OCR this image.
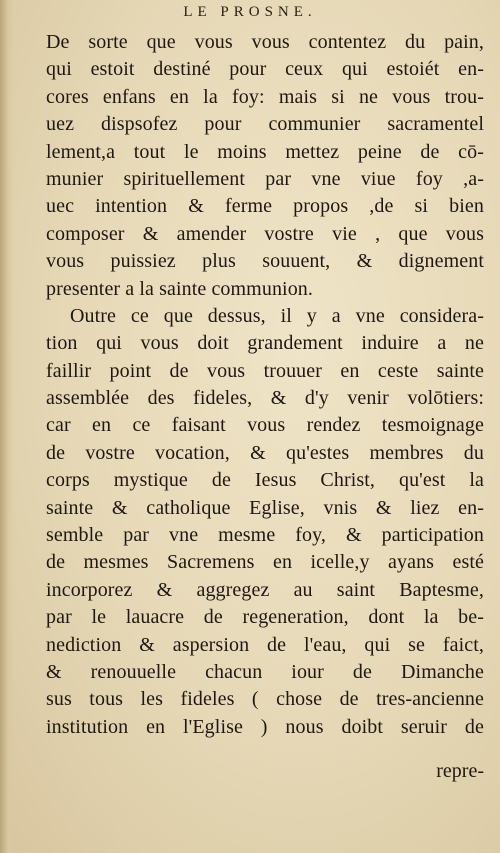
LE PROSNE.
De sorte que vous vous contentez du pain,
qui estoit destiné pour ceux qui estoiét en-
cores enfans en la foy: mais si ne vous trou-
uez dispsofez pour communier sacramentel
lement,a tout le moins mettez peine de cō-
munier spirituellement par vne viue foy ,a-
uec intention & ferme propos ,de si bien
composer & amender vostre vie , que vous
vous puissiez plus souuent, & dignement
presenter a la sainte communion.
Outre ce que dessus, il y a vne considera-
tion qui vous doit grandement induire a ne
faillir point de vous trouuer en ceste sainte
assemblée des fideles, & d'y venir volōtiers:
car en ce faisant vous rendez tesmoignage
de vostre vocation, & qu'estes membres du
corps mystique de Iesus Christ, qu'est la
sainte & catholique Eglise, vnis & liez en-
semble par vne mesme foy, & participation
de mesmes Sacremens en icelle,y ayans esté
incorporez & aggregez au saint Baptesme,
par le lauacre de regeneration, dont la be-
nediction & aspersion de l'eau, qui se faict,
& renouuelle chacun iour de Dimanche
sus tous les fideles ( chose de tres-ancienne
institution en l'Eglise ) nous doibt seruir de
repre-
